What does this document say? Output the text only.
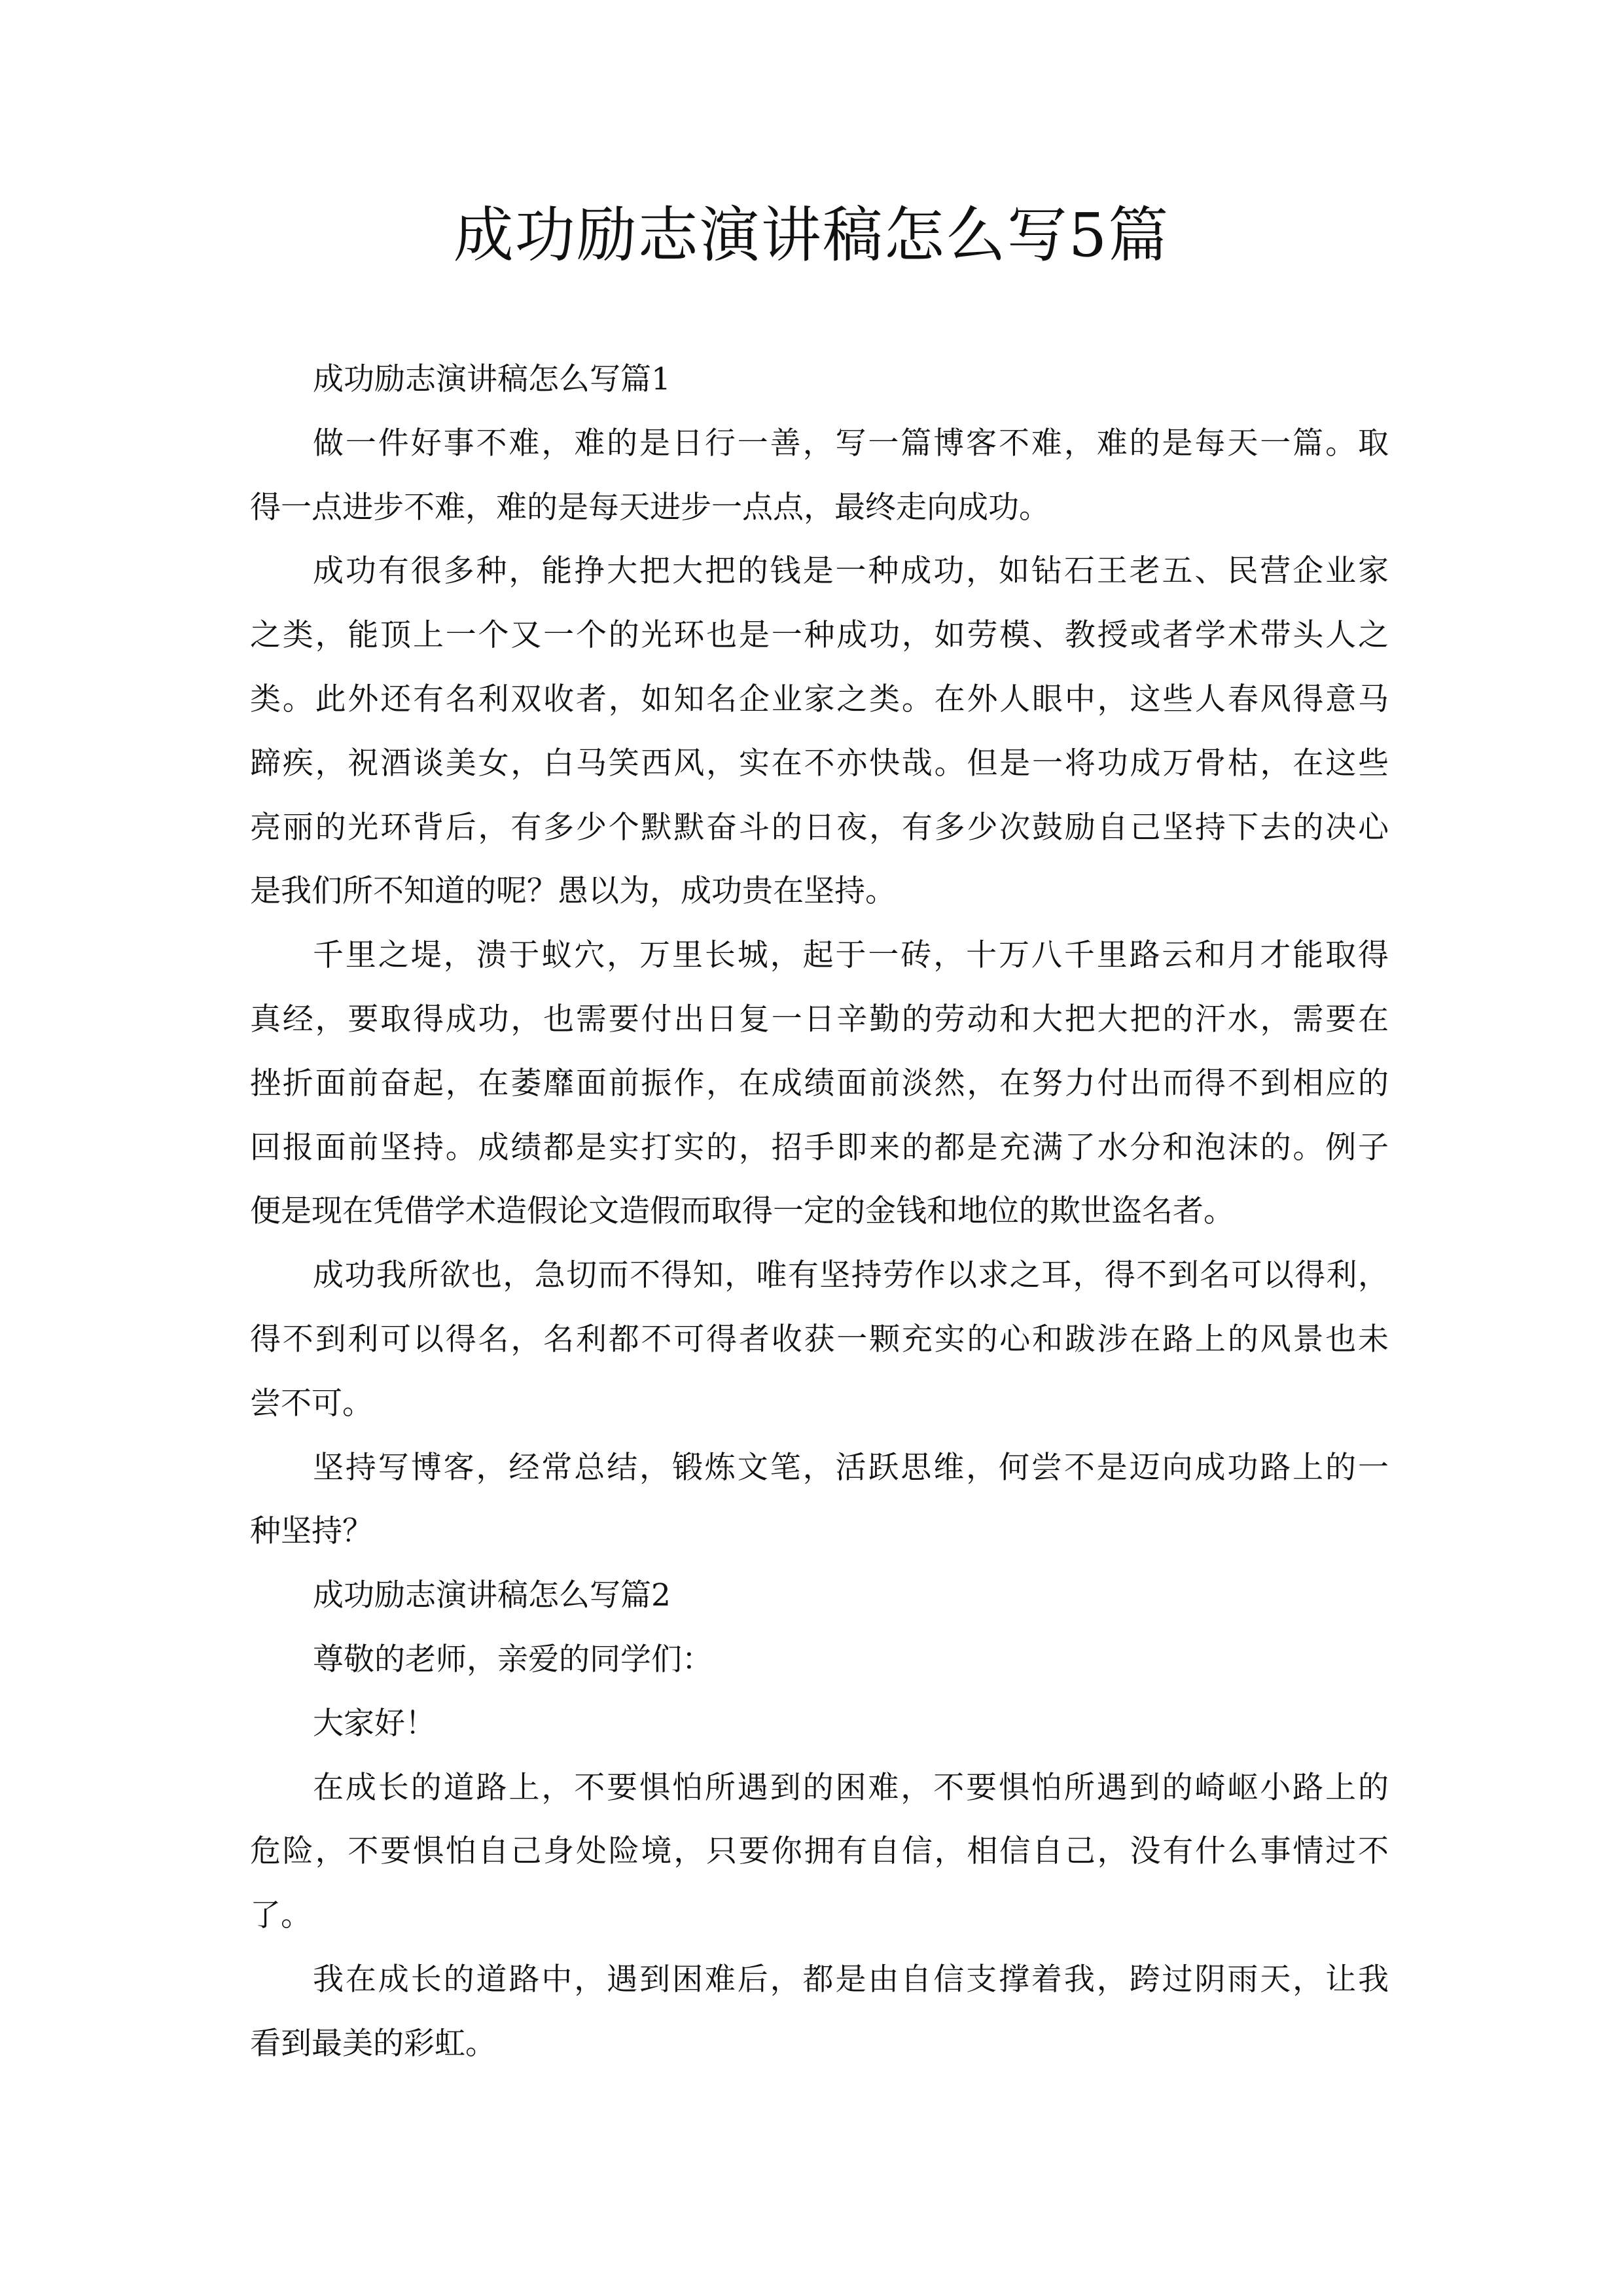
成功励志演讲稿怎么写5篇
成功励志演讲稿怎么写篇1
做一件好事不难，难的是日行一善，写一篇博客不难，难的是每天一篇。取
得一点进步不难，难的是每天进步一点点，最终走向成功。
成功有很多种，能挣大把大把的钱是一种成功，如钻石王老五、民营企业家
之类，能顶上一个又一个的光环也是一种成功，如劳模、教授或者学术带头人之
类。此外还有名利双收者，如知名企业家之类。在外人眼中，这些人春风得意马
蹄疾，祝酒谈美女，白马笑西风，实在不亦快哉。但是一将功成万骨枯，在这些
亮丽的光环背后，有多少个默默奋斗的日夜，有多少次鼓励自己坚持下去的决心
是我们所不知道的呢？愚以为，成功贵在坚持。
千里之堤，溃于蚁穴，万里长城，起于一砖，十万八千里路云和月才能取得
真经，要取得成功，也需要付出日复一日辛勤的劳动和大把大把的汗水，需要在
挫折面前奋起，在萎靡面前振作，在成绩面前淡然，在努力付出而得不到相应的
回报面前坚持。成绩都是实打实的，招手即来的都是充满了水分和泡沫的。例子
便是现在凭借学术造假论文造假而取得一定的金钱和地位的欺世盗名者。
成功我所欲也，急切而不得知，唯有坚持劳作以求之耳，得不到名可以得利，
得不到利可以得名，名利都不可得者收获一颗充实的心和跋涉在路上的风景也未
尝不可。
坚持写博客，经常总结，锻炼文笔，活跃思维，何尝不是迈向成功路上的一
种坚持？
成功励志演讲稿怎么写篇2
尊敬的老师，亲爱的同学们：
大家好！
在成长的道路上，不要惧怕所遇到的困难，不要惧怕所遇到的崎岖小路上的
危险，不要惧怕自己身处险境，只要你拥有自信，相信自己，没有什么事情过不
了。
我在成长的道路中，遇到困难后，都是由自信支撑着我，跨过阴雨天，让我
看到最美的彩虹。
